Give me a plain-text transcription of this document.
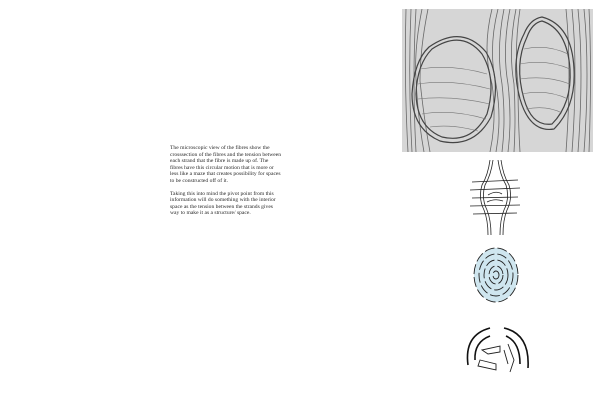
The microscopic view of the fibres show the crosssection of the fibres and the tension between each strand that the fibre is made up of. The fibres have this circular motion that is more or less like a maze that creates possibility for spaces to be constructed off of it.

Taking this into mind the pivot point from this information will do something with the interior space as the tension between the strands gives way to make it as a structure/ space.
